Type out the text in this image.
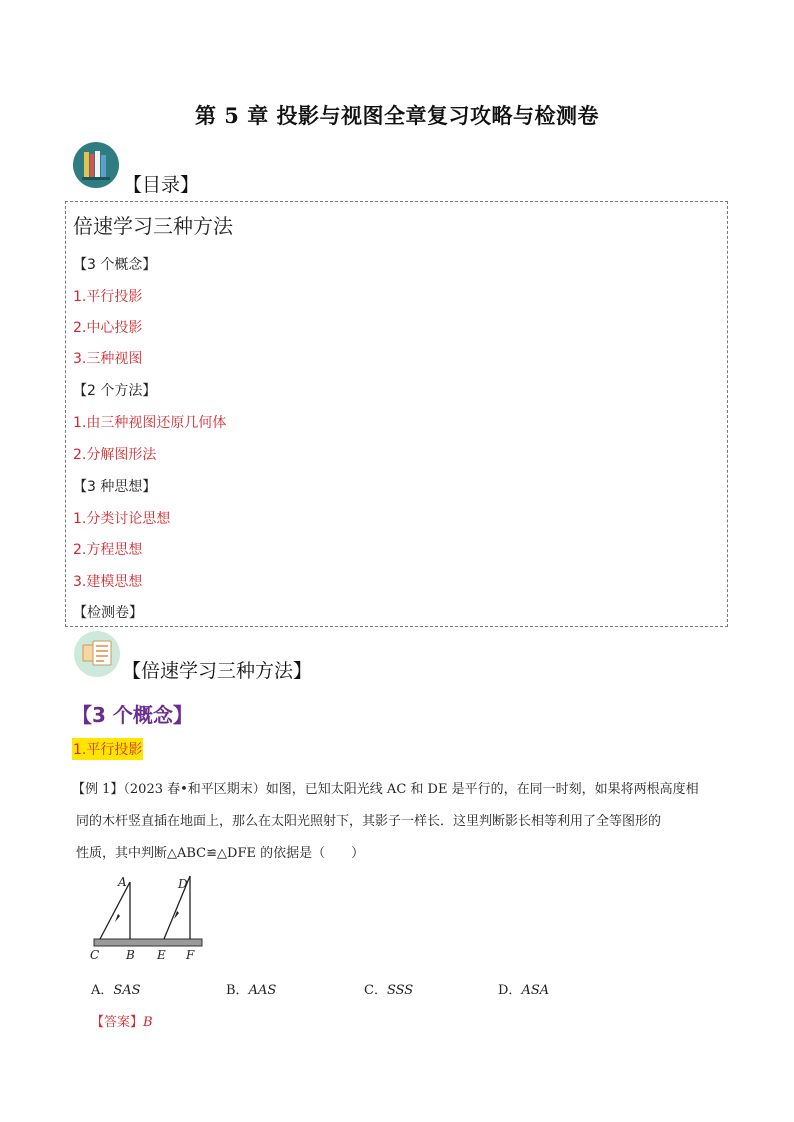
第 5 章 投影与视图全章复习攻略与检测卷
【目录】
倍速学习三种方法
【3 个概念】
1.平行投影
2.中心投影
3.三种视图
【2 个方法】
1.由三种视图还原几何体
2.分解图形法
【3 种思想】
1.分类讨论思想
2.方程思想
3.建模思想
【检测卷】
【倍速学习三种方法】
【3 个概念】
1.平行投影
【例 1】（2023 春•和平区期末）如图，已知太阳光线 AC 和 DE 是平行的，在同一时刻，如果将两根高度相
同的木杆竖直插在地面上，那么在太阳光照射下，其影子一样长．这里判断影长相等利用了全等图形的
性质，其中判断△ABC≌△DFE 的依据是（　　）
A	D
C B E F
A．SAS	B．AAS	C．SSS	D．ASA
【答案】B
